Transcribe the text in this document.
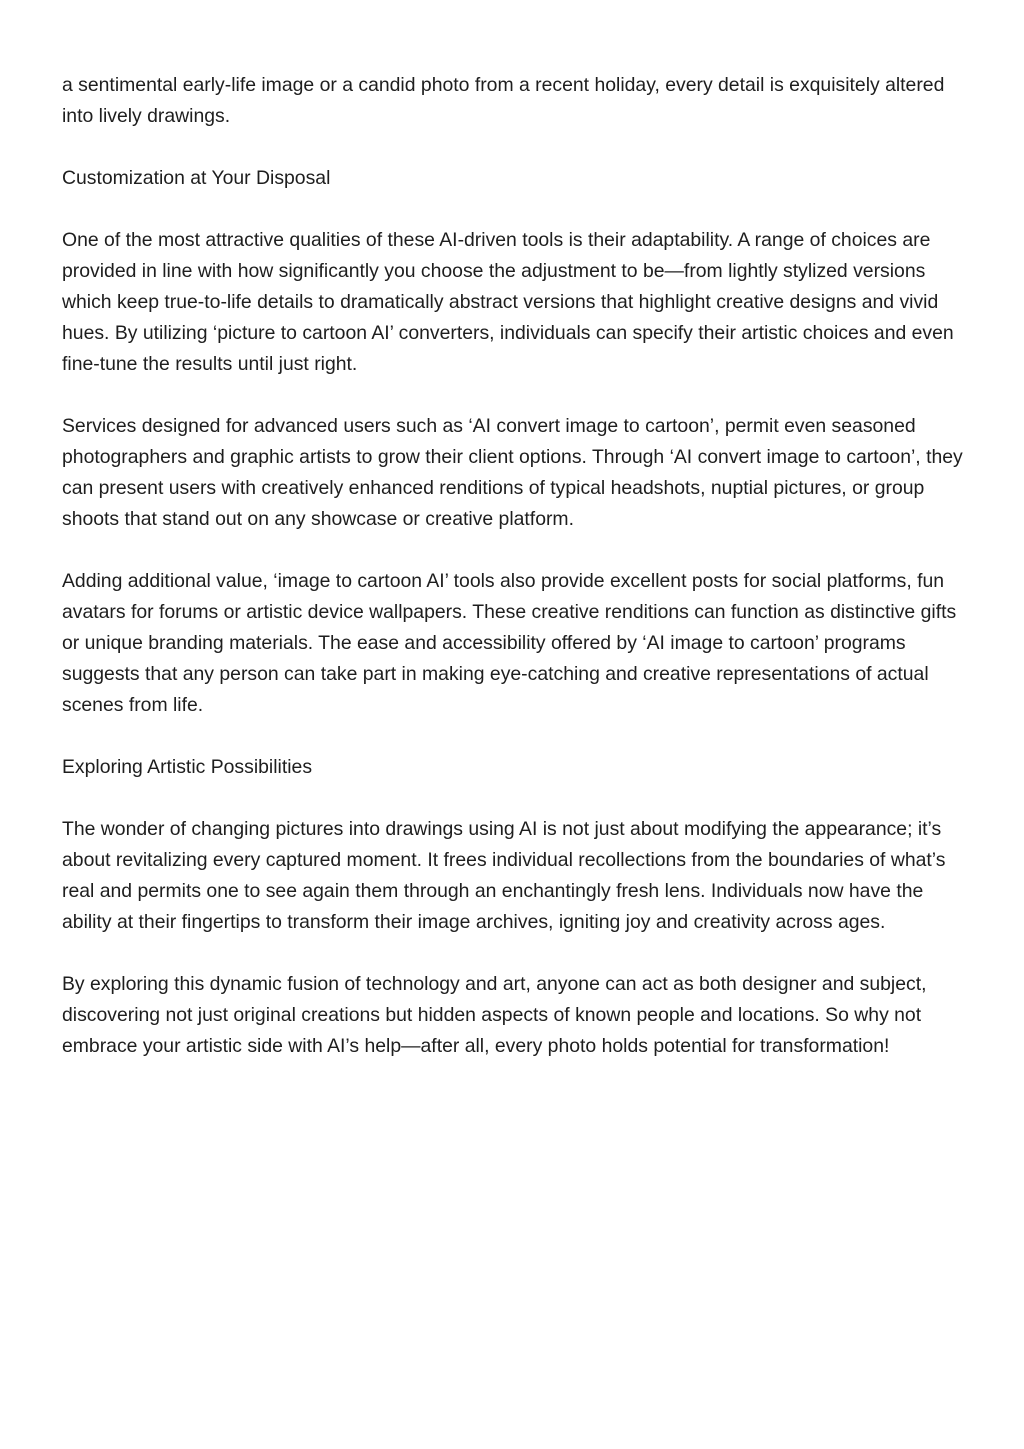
a sentimental early-life image or a candid photo from a recent holiday, every detail is exquisitely altered into lively drawings.

Customization at Your Disposal

One of the most attractive qualities of these AI-driven tools is their adaptability. A range of choices are provided in line with how significantly you choose the adjustment to be—from lightly stylized versions which keep true-to-life details to dramatically abstract versions that highlight creative designs and vivid hues. By utilizing ‘picture to cartoon AI’ converters, individuals can specify their artistic choices and even fine-tune the results until just right.

Services designed for advanced users such as ‘AI convert image to cartoon’, permit even seasoned photographers and graphic artists to grow their client options. Through ‘AI convert image to cartoon’, they can present users with creatively enhanced renditions of typical headshots, nuptial pictures, or group shoots that stand out on any showcase or creative platform.

Adding additional value, ‘image to cartoon AI’ tools also provide excellent posts for social platforms, fun avatars for forums or artistic device wallpapers. These creative renditions can function as distinctive gifts or unique branding materials. The ease and accessibility offered by ‘AI image to cartoon’ programs suggests that any person can take part in making eye-catching and creative representations of actual scenes from life.

Exploring Artistic Possibilities

The wonder of changing pictures into drawings using AI is not just about modifying the appearance; it’s about revitalizing every captured moment. It frees individual recollections from the boundaries of what’s real and permits one to see again them through an enchantingly fresh lens. Individuals now have the ability at their fingertips to transform their image archives, igniting joy and creativity across ages.

By exploring this dynamic fusion of technology and art, anyone can act as both designer and subject, discovering not just original creations but hidden aspects of known people and locations. So why not embrace your artistic side with AI’s help—after all, every photo holds potential for transformation!
